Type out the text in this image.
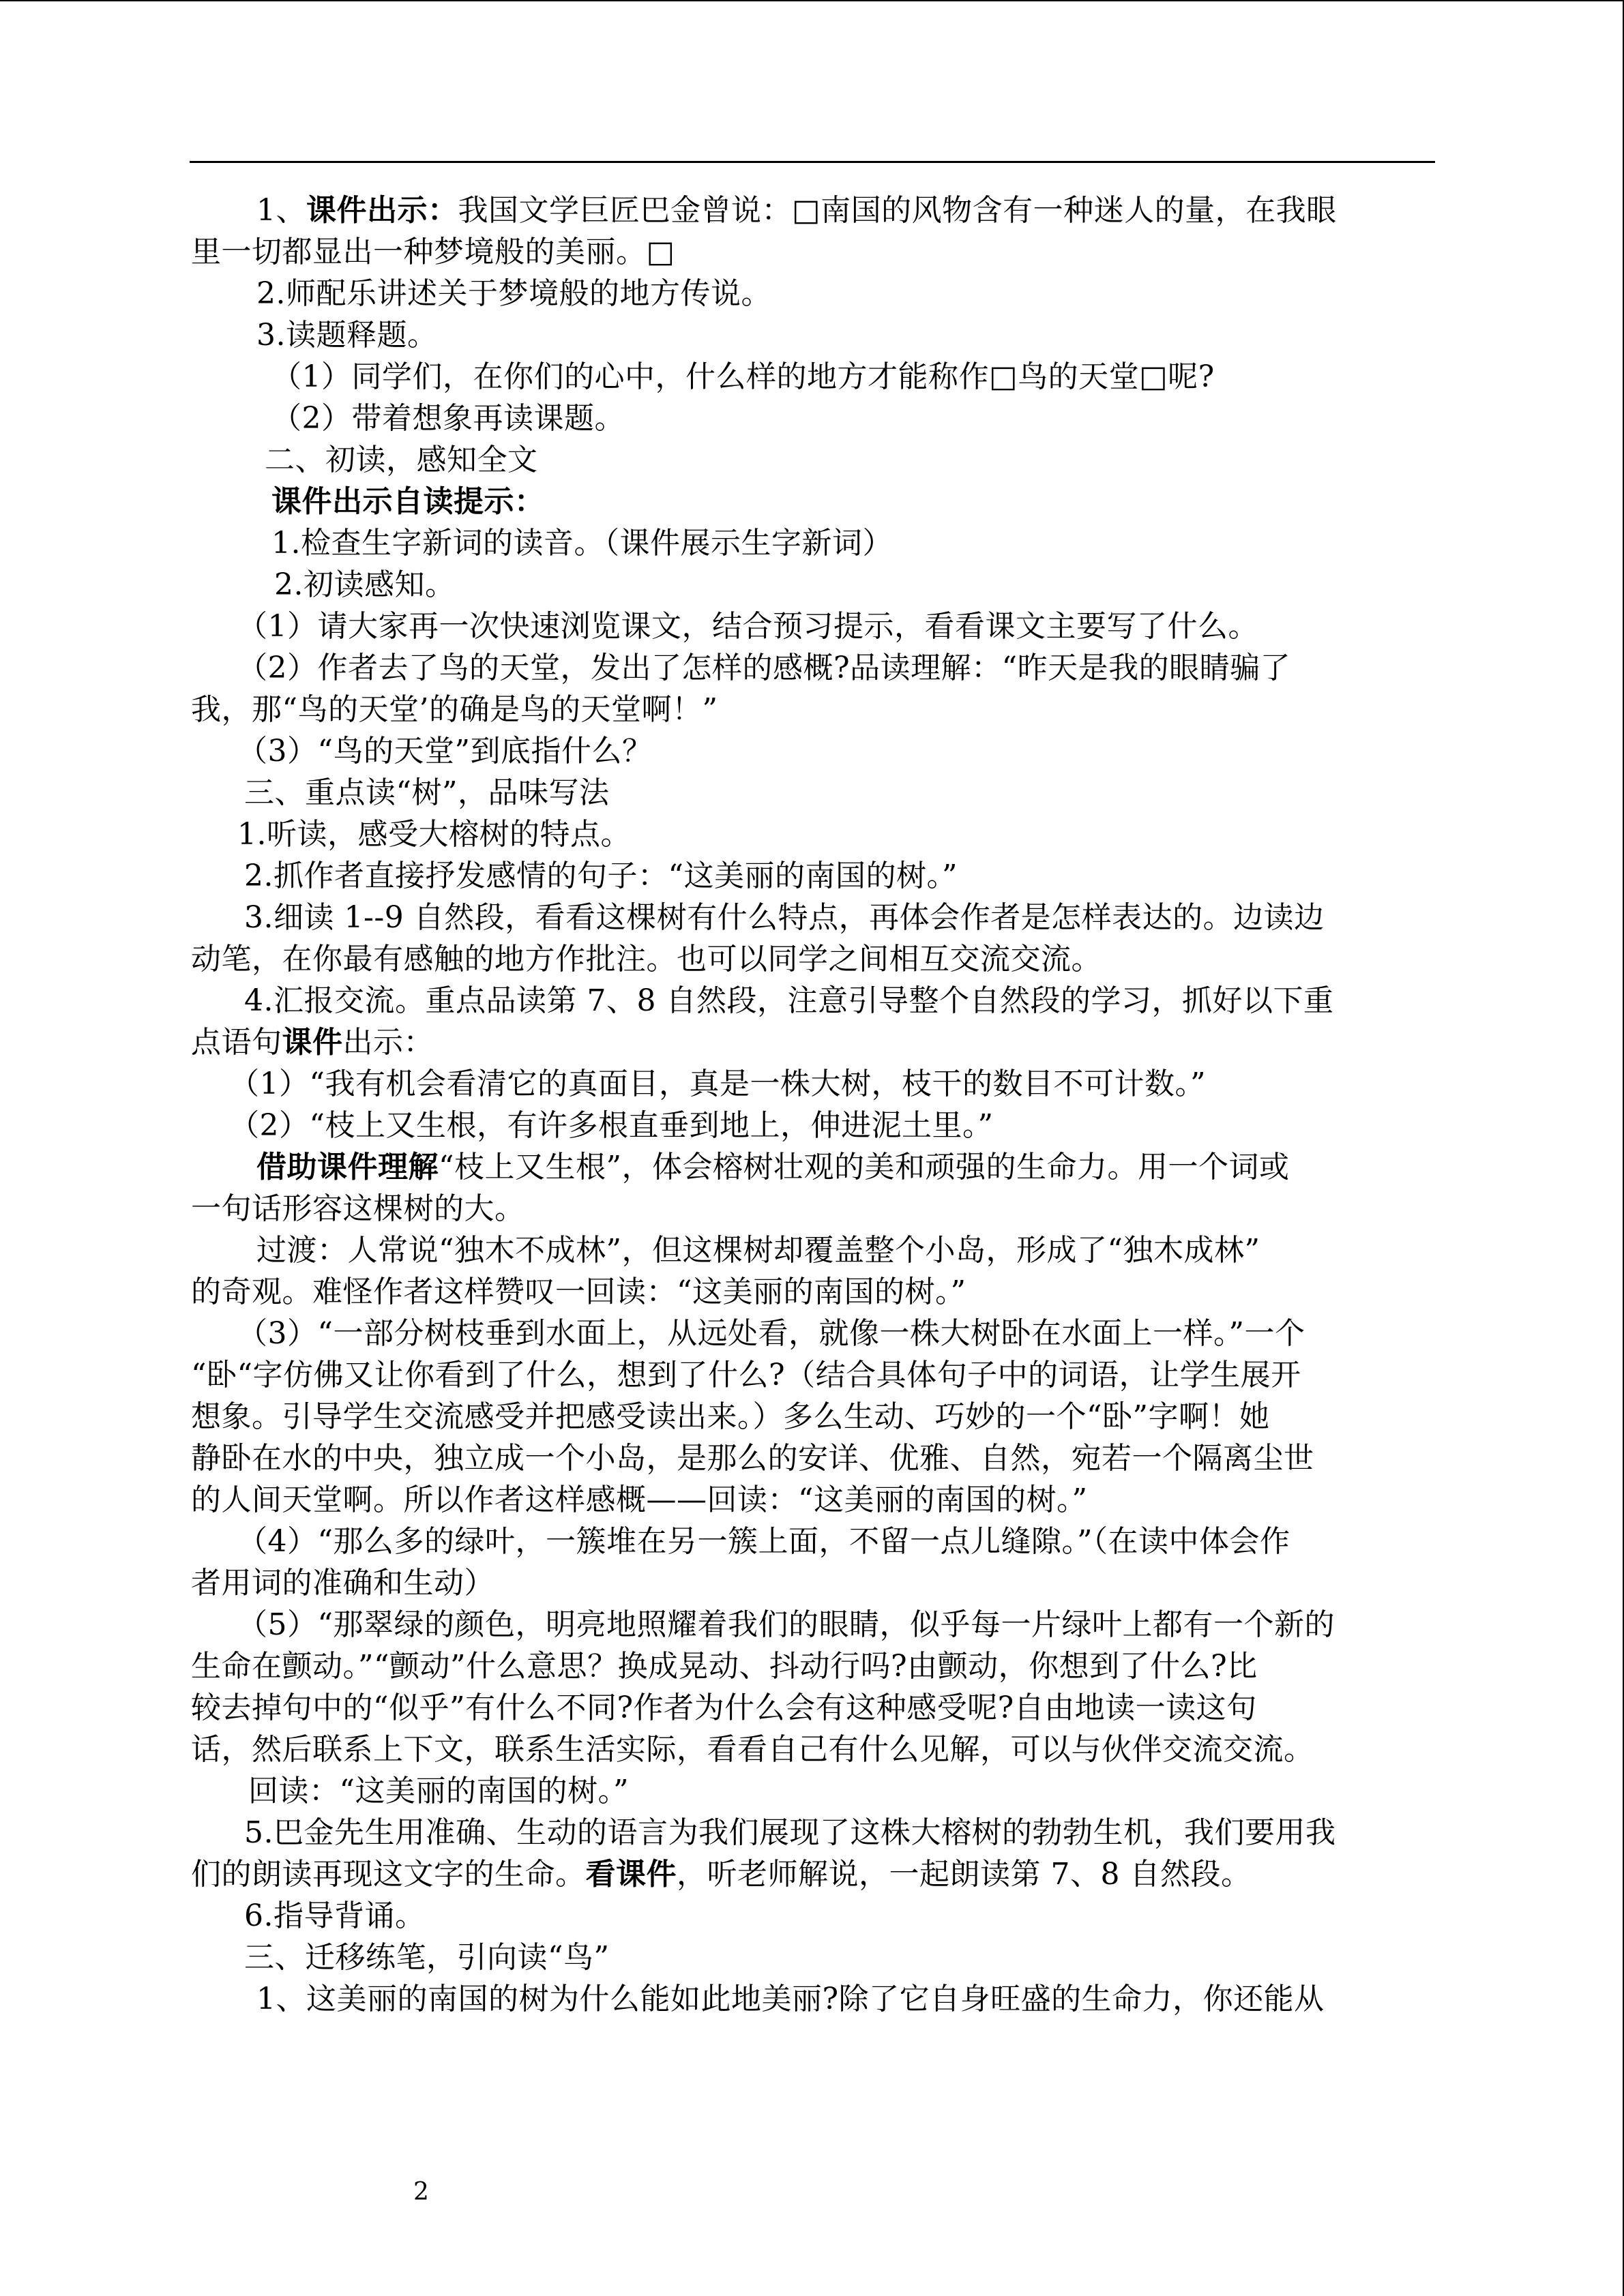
1、课件出示：我国文学巨匠巴金曾说：□南国的风物含有一种迷人的量，在我眼
里一切都显出一种梦境般的美丽。□
2.师配乐讲述关于梦境般的地方传说。
3.读题释题。
（1）同学们，在你们的心中，什么样的地方才能称作□鸟的天堂□呢?
（2）带着想象再读课题。
二、初读，感知全文
课件出示自读提示：
1.检查生字新词的读音。（课件展示生字新词）
2.初读感知。
（1）请大家再一次快速浏览课文，结合预习提示，看看课文主要写了什么。
（2）作者去了鸟的天堂，发出了怎样的感概?品读理解：“昨天是我的眼睛骗了
我，那“鸟的天堂’的确是鸟的天堂啊！”
（3）“鸟的天堂”到底指什么？
三、重点读“树”，品味写法
1.听读，感受大榕树的特点。
2.抓作者直接抒发感情的句子：“这美丽的南国的树。”
3.细读 1--9 自然段，看看这棵树有什么特点，再体会作者是怎样表达的。边读边
动笔，在你最有感触的地方作批注。也可以同学之间相互交流交流。
4.汇报交流。重点品读第 7、8 自然段，注意引导整个自然段的学习，抓好以下重
点语句课件出示：
（1）“我有机会看清它的真面目，真是一株大树，枝干的数目不可计数。”
（2）“枝上又生根，有许多根直垂到地上，伸进泥土里。”
借助课件理解“枝上又生根”，体会榕树壮观的美和顽强的生命力。用一个词或
一句话形容这棵树的大。
过渡：人常说“独木不成林”，但这棵树却覆盖整个小岛，形成了“独木成林”
的奇观。难怪作者这样赞叹一回读：“这美丽的南国的树。”
（3）“一部分树枝垂到水面上，从远处看，就像一株大树卧在水面上一样。”一个
“卧“字仿佛又让你看到了什么，想到了什么?（结合具体句子中的词语，让学生展开
想象。引导学生交流感受并把感受读出来。）多么生动、巧妙的一个“卧”字啊！她
静卧在水的中央，独立成一个小岛，是那么的安详、优雅、自然，宛若一个隔离尘世
的人间天堂啊。所以作者这样感概——回读：“这美丽的南国的树。”
（4）“那么多的绿叶，一簇堆在另一簇上面，不留一点儿缝隙。”（在读中体会作
者用词的准确和生动）
（5）“那翠绿的颜色，明亮地照耀着我们的眼睛，似乎每一片绿叶上都有一个新的
生命在颤动。”“颤动”什么意思？换成晃动、抖动行吗?由颤动，你想到了什么?比
较去掉句中的“似乎”有什么不同?作者为什么会有这种感受呢?自由地读一读这句
话，然后联系上下文，联系生活实际，看看自己有什么见解，可以与伙伴交流交流。
回读：“这美丽的南国的树。”
5.巴金先生用准确、生动的语言为我们展现了这株大榕树的勃勃生机，我们要用我
们的朗读再现这文字的生命。看课件，听老师解说，一起朗读第 7、8 自然段。
6.指导背诵。
三、迁移练笔，引向读“鸟”
1、这美丽的南国的树为什么能如此地美丽?除了它自身旺盛的生命力，你还能从
2
